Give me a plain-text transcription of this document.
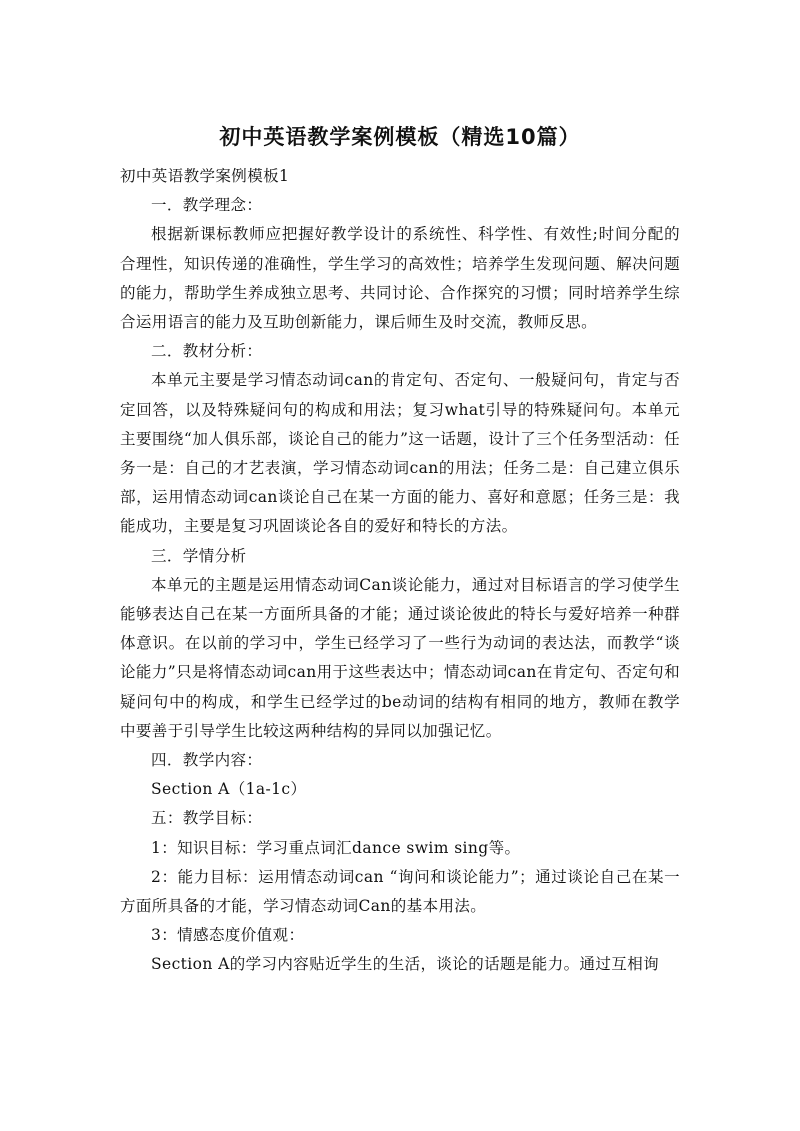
初中英语教学案例模板（精选10篇）

初中英语教学案例模板1

一．教学理念：

根据新课标教师应把握好教学设计的系统性、科学性、有效性;时间分配的合理性，知识传递的准确性，学生学习的高效性；培养学生发现问题、解决问题的能力，帮助学生养成独立思考、共同讨论、合作探究的习惯；同时培养学生综合运用语言的能力及互助创新能力，课后师生及时交流，教师反思。

二．教材分析：

本单元主要是学习情态动词can的肯定句、否定句、一般疑问句，肯定与否定回答，以及特殊疑问句的构成和用法；复习what引导的特殊疑问句。本单元主要围绕“加人俱乐部，谈论自己的能力”这一话题，设计了三个任务型活动：任务一是：自己的才艺表演，学习情态动词can的用法；任务二是：自己建立俱乐部，运用情态动词can谈论自己在某一方面的能力、喜好和意愿；任务三是：我能成功，主要是复习巩固谈论各自的爱好和特长的方法。

三．学情分析

本单元的主题是运用情态动词Can谈论能力，通过对目标语言的学习使学生能够表达自己在某一方面所具备的才能；通过谈论彼此的特长与爱好培养一种群体意识。在以前的学习中，学生已经学习了一些行为动词的表达法，而教学“谈论能力”只是将情态动词can用于这些表达中；情态动词can在肯定句、否定句和疑问句中的构成，和学生已经学过的be动词的结构有相同的地方，教师在教学中要善于引导学生比较这两种结构的异同以加强记忆。

四．教学内容：

Section A（1a-1c）

五：教学目标：

1：知识目标：学习重点词汇dance swim sing等。

2：能力目标：运用情态动词can “询问和谈论能力”；通过谈论自己在某一方面所具备的才能，学习情态动词Can的基本用法。

3：情感态度价值观：

Section A的学习内容贴近学生的生活，谈论的话题是能力。通过互相询
